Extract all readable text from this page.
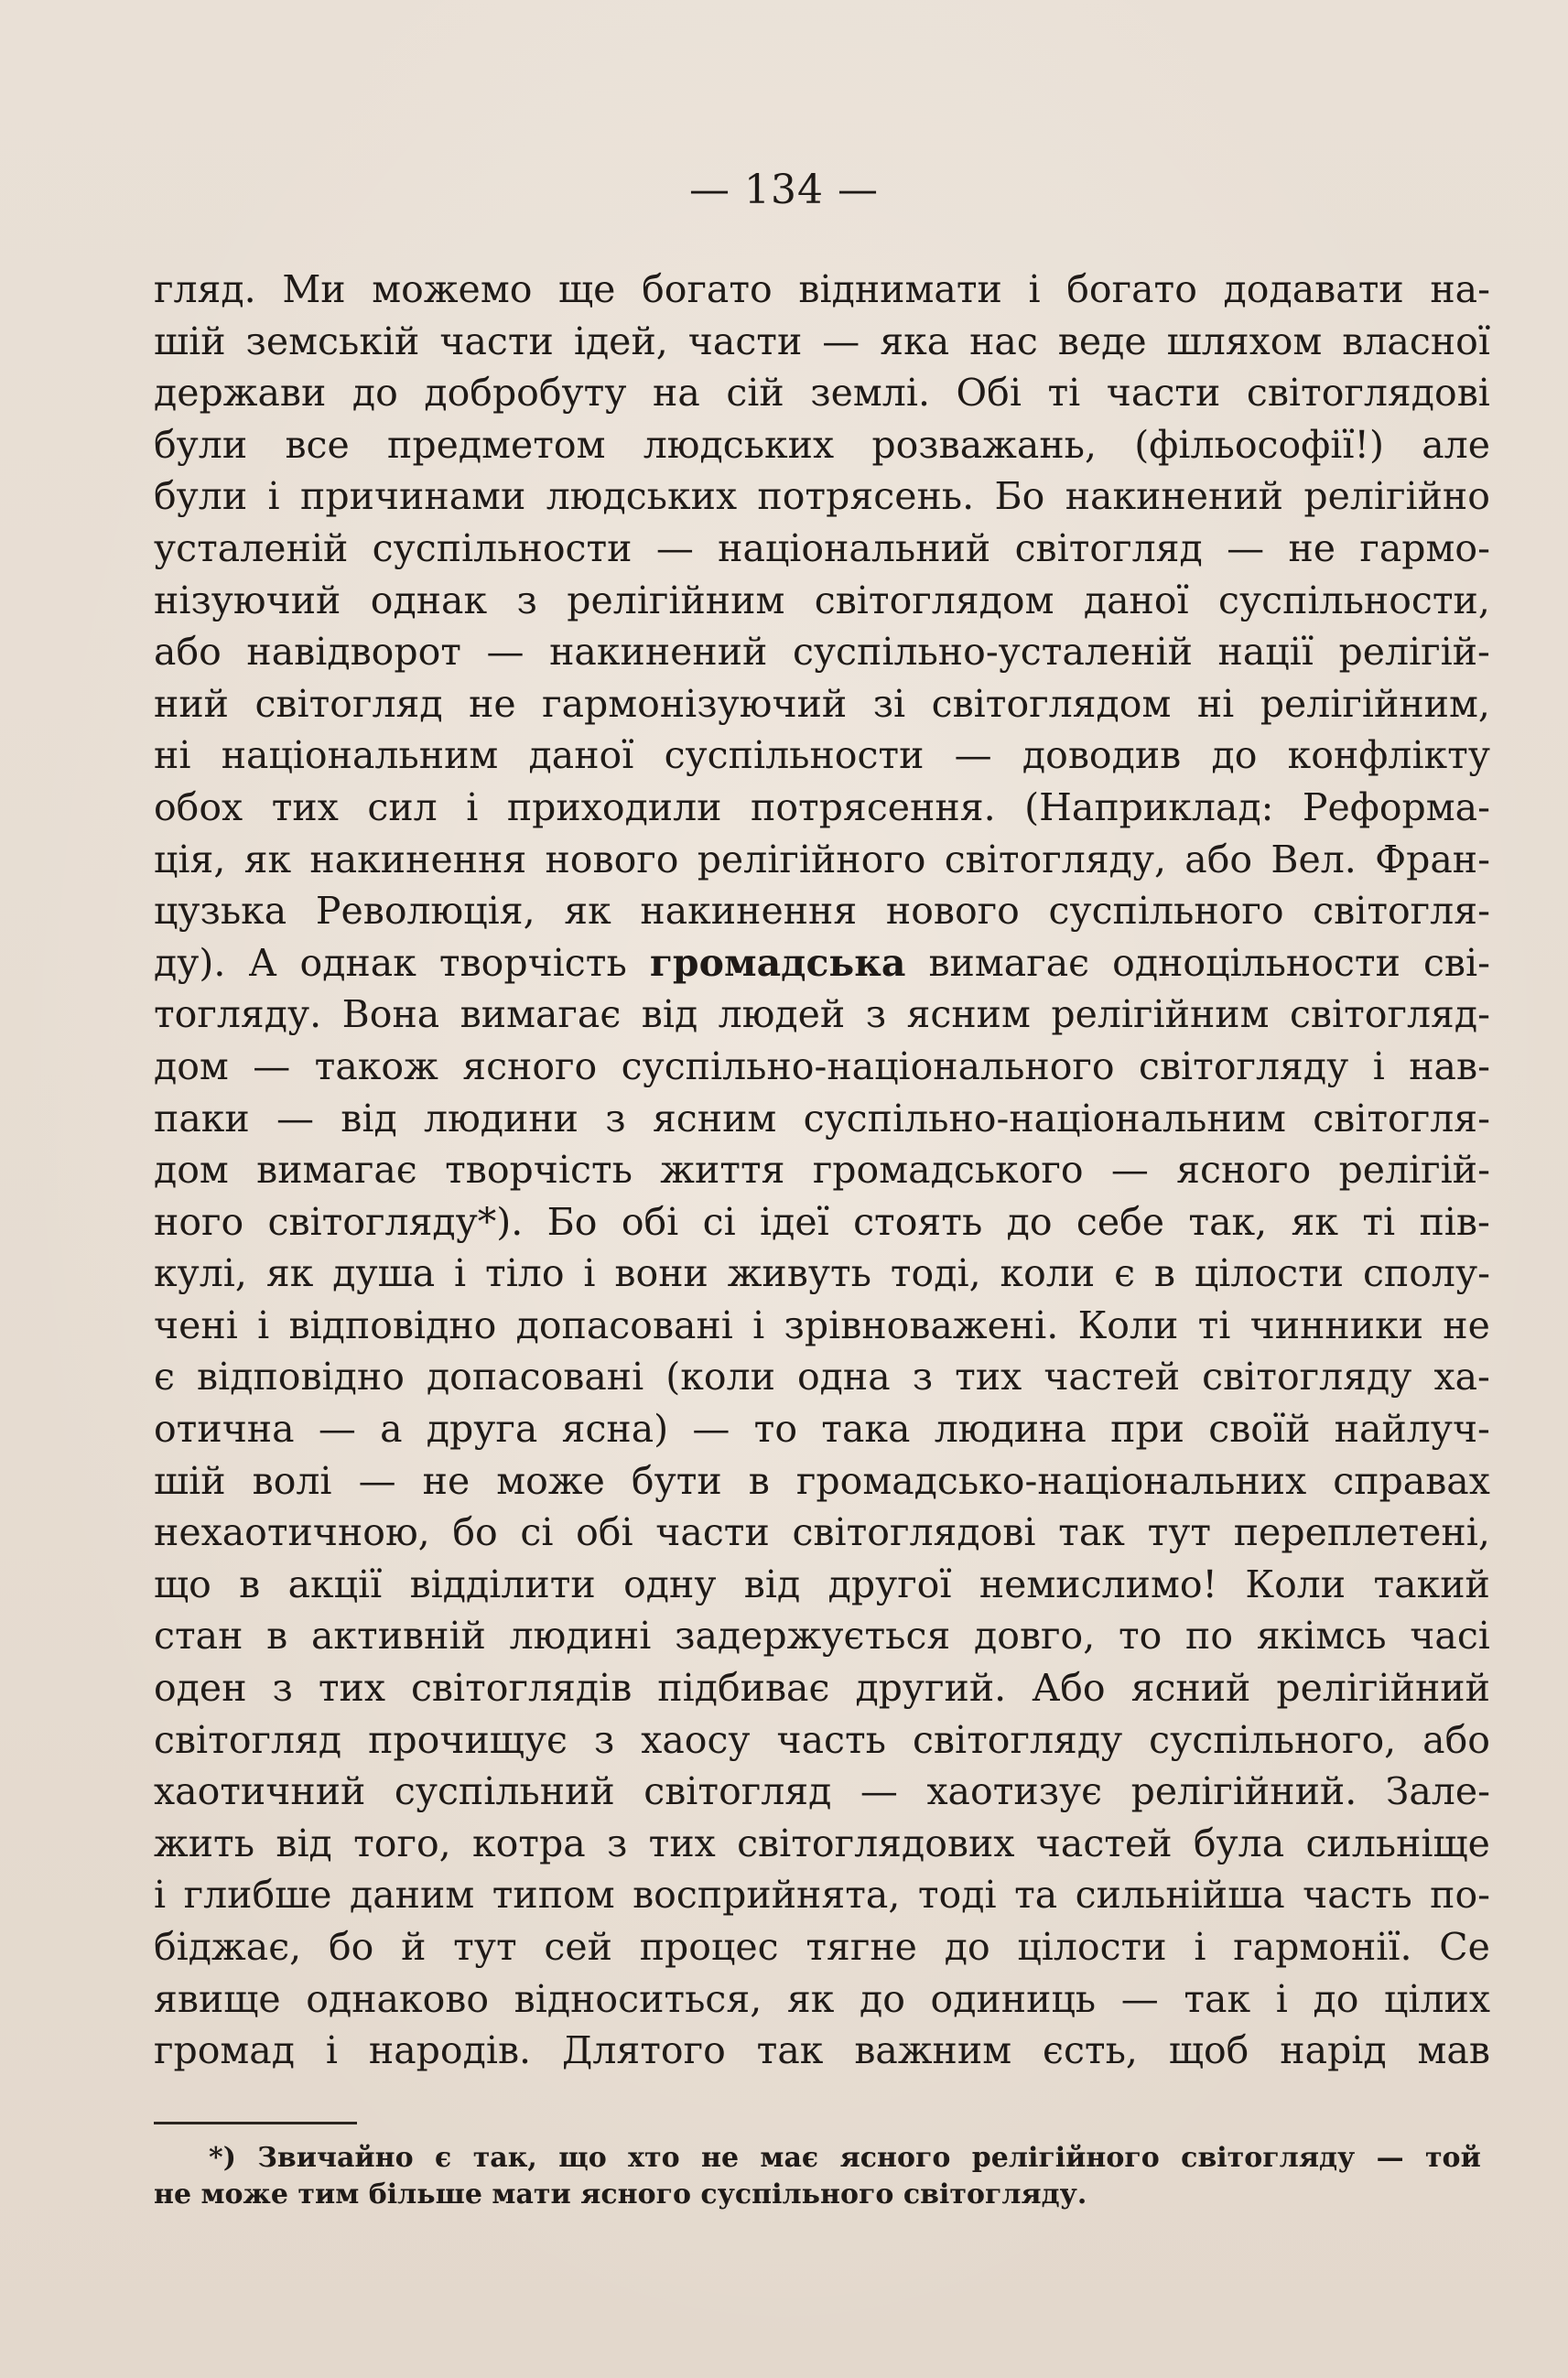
— 134 —
гляд. Ми можемо ще богато віднимати і богато додавати на-
шій земській части ідей, части — яка нас веде шляхом власної
держави до добробуту на сій землі. Обі ті части світоглядові
були все предметом людських розважань, (фільософії!) але
були і причинами людських потрясень. Бо накинений релігійно
усталеній суспільности — національний світогляд — не гармо-
нізуючий однак з релігійним світоглядом даної суспільности,
або навідворот — накинений суспільно-усталеній нації релігій-
ний світогляд не гармонізуючий зі світоглядом ні релігійним,
ні національним даної суспільности — доводив до конфлікту
обох тих сил і приходили потрясення. (Наприклад: Реформа-
ція, як накинення нового релігійного світогляду, або Вел. Фран-
цузька Революція, як накинення нового суспільного світогля-
ду). А однак творчість громадська вимагає одноцільности сві-
тогляду. Вона вимагає від людей з ясним релігійним світогляд-
дом — також ясного суспільно-національного світогляду і нав-
паки — від людини з ясним суспільно-національним світогля-
дом вимагає творчість життя громадського — ясного релігій-
ного світогляду*). Бо обі сі ідеї стоять до себе так, як ті пів-
кулі, як душа і тіло і вони живуть тоді, коли є в цілости сполу-
чені і відповідно допасовані і зрівноважені. Коли ті чинники не
є відповідно допасовані (коли одна з тих частей світогляду ха-
отична — а друга ясна) — то така людина при своїй найлуч-
шій волі — не може бути в громадсько-національних справах
нехаотичною, бо сі обі части світоглядові так тут переплетені,
що в акції відділити одну від другої немислимо! Коли такий
стан в активній людині задержується довго, то по якімсь часі
оден з тих світоглядів підбиває другий. Або ясний релігійний
світогляд прочищує з хаосу часть світогляду суспільного, або
хаотичний суспільний світогляд — хаотизує релігійний. Зале-
жить від того, котра з тих світоглядових частей була сильніще
і глибше даним типом восприйнята, тоді та сильнійша часть по-
біджає, бо й тут сей процес тягне до цілости і гармонії. Се
явище однаково відноситься, як до одиниць — так і до цілих
громад і народів. Длятого так важним єсть, щоб нарід мав
*) Звичайно є так, що хто не має ясного релігійного світогляду — той
не може тим більше мати ясного суспільного світогляду.
